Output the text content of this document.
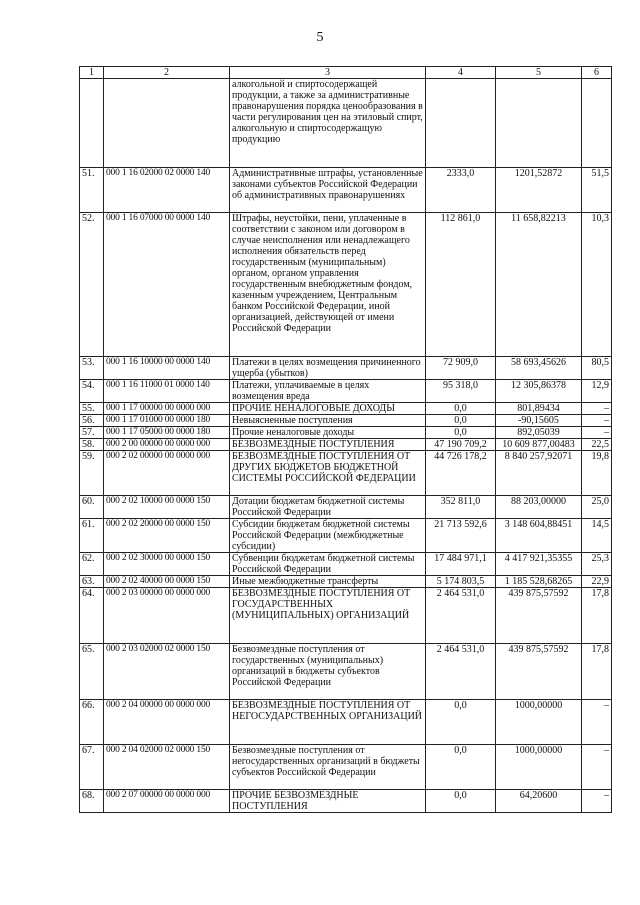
5
1	2	3	4	5	6
		алкогольной и спиртосодержащей продукции, а также за административные правонарушения порядка ценообразования в части регулирования цен на этиловый спирт, алкогольную и спиртосодержащую продукцию			
51.	000 1 16 02000 02 0000 140	Административные штрафы, установленные законами субъектов Российской Федерации об административных правонарушениях	2333,0	1201,52872	51,5
52.	000 1 16 07000 00 0000 140	Штрафы, неустойки, пени, уплаченные в соответствии с законом или договором в случае неисполнения или ненадлежащего исполнения обязательств перед государственным (муниципальным) органом, органом управления государственным внебюджетным фондом, казенным учреждением, Центральным банком Российской Федерации, иной организацией, действующей от имени Российской Федерации	112 861,0	11 658,82213	10,3
53.	000 1 16 10000 00 0000 140	Платежи в целях возмещения причиненного ущерба (убытков)	72 909,0	58 693,45626	80,5
54.	000 1 16 11000 01 0000 140	Платежи, уплачиваемые в целях возмещения вреда	95 318,0	12 305,86378	12,9
55.	000 1 17 00000 00 0000 000	ПРОЧИЕ НЕНАЛОГОВЫЕ ДОХОДЫ	0,0	801,89434	–
56.	000 1 17 01000 00 0000 180	Невыясненные поступления	0,0	-90,15605	–
57.	000 1 17 05000 00 0000 180	Прочие неналоговые доходы	0,0	892,05039	–
58.	000 2 00 00000 00 0000 000	БЕЗВОЗМЕЗДНЫЕ ПОСТУПЛЕНИЯ	47 190 709,2	10 609 877,00483	22,5
59.	000 2 02 00000 00 0000 000	БЕЗВОЗМЕЗДНЫЕ ПОСТУПЛЕНИЯ ОТ ДРУГИХ БЮДЖЕТОВ БЮДЖЕТНОЙ СИСТЕМЫ РОССИЙСКОЙ ФЕДЕРАЦИИ	44 726 178,2	8 840 257,92071	19,8
60.	000 2 02 10000 00 0000 150	Дотации бюджетам бюджетной системы Российской Федерации	352 811,0	88 203,00000	25,0
61.	000 2 02 20000 00 0000 150	Субсидии бюджетам бюджетной системы Российской Федерации (межбюджетные субсидии)	21 713 592,6	3 148 604,88451	14,5
62.	000 2 02 30000 00 0000 150	Субвенции бюджетам бюджетной системы Российской Федерации	17 484 971,1	4 417 921,35355	25,3
63.	000 2 02 40000 00 0000 150	Иные межбюджетные трансферты	5 174 803,5	1 185 528,68265	22,9
64.	000 2 03 00000 00 0000 000	БЕЗВОЗМЕЗДНЫЕ ПОСТУПЛЕНИЯ ОТ ГОСУДАРСТВЕННЫХ (МУНИЦИПАЛЬНЫХ) ОРГАНИЗАЦИЙ	2 464 531,0	439 875,57592	17,8
65.	000 2 03 02000 02 0000 150	Безвозмездные поступления от государственных (муниципальных) организаций в бюджеты субъектов Российской Федерации	2 464 531,0	439 875,57592	17,8
66.	000 2 04 00000 00 0000 000	БЕЗВОЗМЕЗДНЫЕ ПОСТУПЛЕНИЯ ОТ НЕГОСУДАРСТВЕННЫХ ОРГАНИЗАЦИЙ	0,0	1000,00000	–
67.	000 2 04 02000 02 0000 150	Безвозмездные поступления от негосударственных организаций в бюджеты субъектов Российской Федерации	0,0	1000,00000	–
68.	000 2 07 00000 00 0000 000	ПРОЧИЕ БЕЗВОЗМЕЗДНЫЕ ПОСТУПЛЕНИЯ	0,0	64,20600	–
